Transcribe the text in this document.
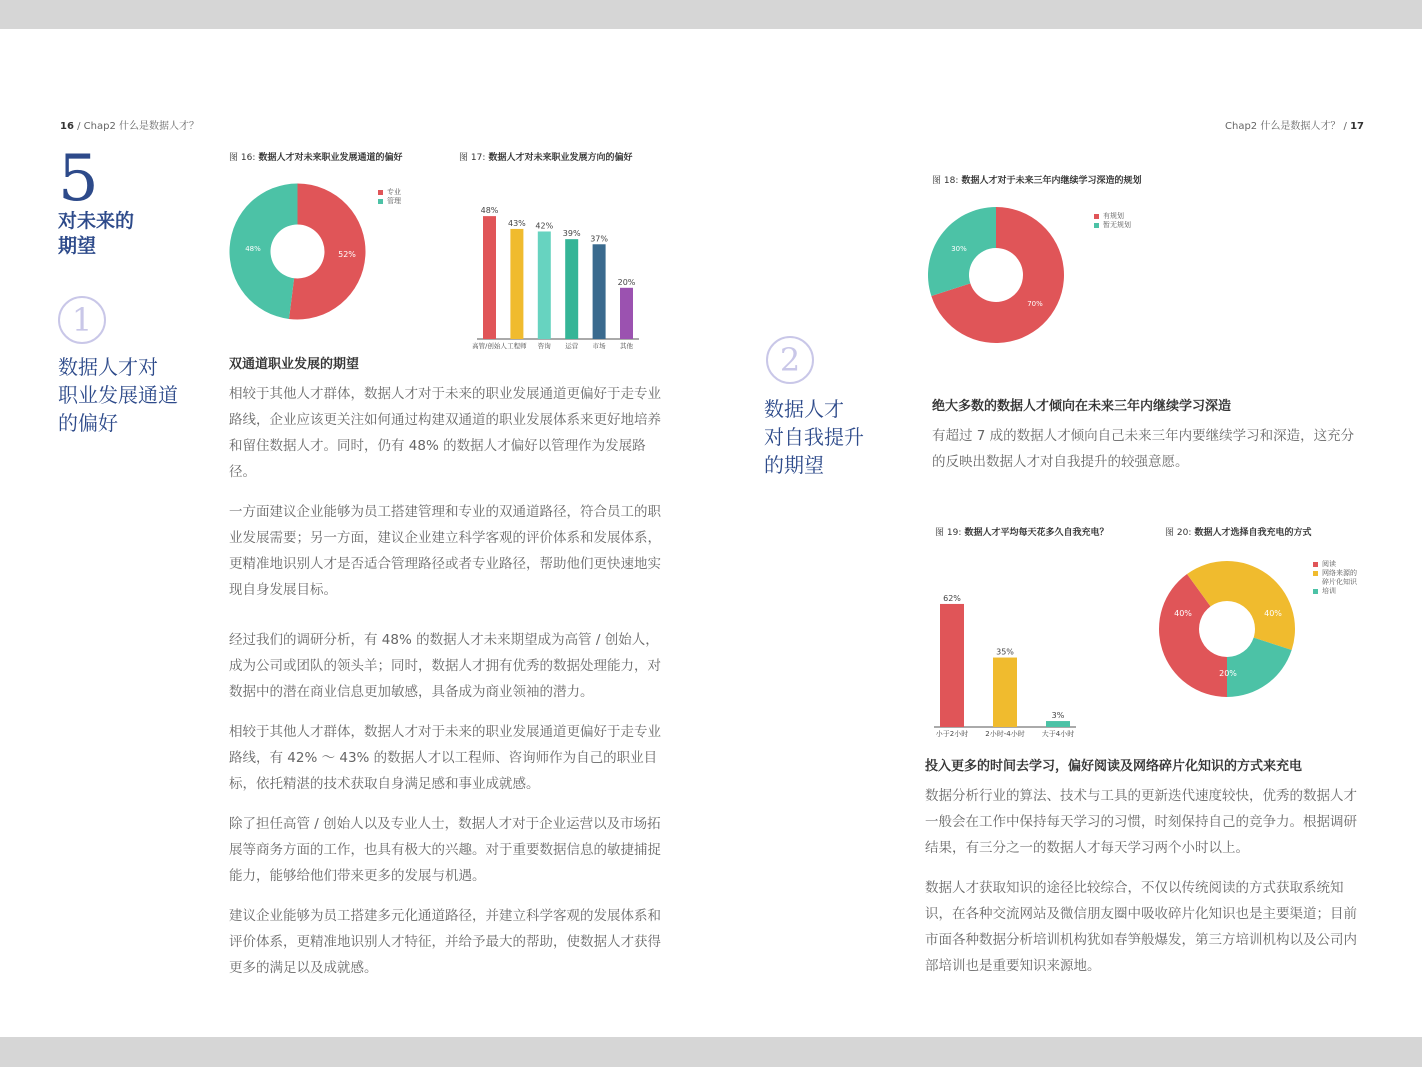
16 / Chap2 什么是数据人才？	Chap2 什么是数据人才？ / 17
5
对未来的
期望
1
数据人才对
职业发展通道
的偏好
2
数据人才
对自我提升
的期望
图 16: 数据人才对未来职业发展通道的偏好
52%
48%
专业
管理
图 17: 数据人才对未来职业发展方向的偏好
48%
高管/创始人
43%
工程师
42%
咨询
39%
运营
37%
市场
20%
其他
图 18: 数据人才对于未来三年内继续学习深造的规划
70%
30%
有规划
暂无规划
图 19: 数据人才平均每天花多久自我充电？
62%
小于2小时
35%
2小时-4小时
3%
大于4小时
图 20: 数据人才选择自我充电的方式
40%	40%
20%
阅读
网络来源的
碎片化知识
培训
双通道职业发展的期望

相较于其他人才群体，数据人才对于未来的职业发展通道更偏好于走专业路线，企业应该更关注如何通过构建双通道的职业发展体系来更好地培养和留住数据人才。同时，仍有 48% 的数据人才偏好以管理作为发展路径。

一方面建议企业能够为员工搭建管理和专业的双通道路径，符合员工的职业发展需要；另一方面，建议企业建立科学客观的评价体系和发展体系，更精准地识别人才是否适合管理路径或者专业路径，帮助他们更快速地实现自身发展目标。

经过我们的调研分析，有 48% 的数据人才未来期望成为高管 / 创始人，成为公司或团队的领头羊；同时，数据人才拥有优秀的数据处理能力，对数据中的潜在商业信息更加敏感，具备成为商业领袖的潜力。

相较于其他人才群体，数据人才对于未来的职业发展通道更偏好于走专业路线，有 42% ～ 43% 的数据人才以工程师、咨询师作为自己的职业目标，依托精湛的技术获取自身满足感和事业成就感。

除了担任高管 / 创始人以及专业人士，数据人才对于企业运营以及市场拓展等商务方面的工作，也具有极大的兴趣。对于重要数据信息的敏捷捕捉能力，能够给他们带来更多的发展与机遇。

建议企业能够为员工搭建多元化通道路径，并建立科学客观的发展体系和评价体系，更精准地识别人才特征，并给予最大的帮助，使数据人才获得更多的满足以及成就感。

绝大多数的数据人才倾向在未来三年内继续学习深造

有超过 7 成的数据人才倾向自己未来三年内要继续学习和深造，这充分的反映出数据人才对自我提升的较强意愿。

投入更多的时间去学习，偏好阅读及网络碎片化知识的方式来充电

数据分析行业的算法、技术与工具的更新迭代速度较快，优秀的数据人才一般会在工作中保持每天学习的习惯，时刻保持自己的竞争力。根据调研结果，有三分之一的数据人才每天学习两个小时以上。

数据人才获取知识的途径比较综合，不仅以传统阅读的方式获取系统知识，在各种交流网站及微信朋友圈中吸收碎片化知识也是主要渠道；目前市面各种数据分析培训机构犹如春笋般爆发，第三方培训机构以及公司内部培训也是重要知识来源地。
